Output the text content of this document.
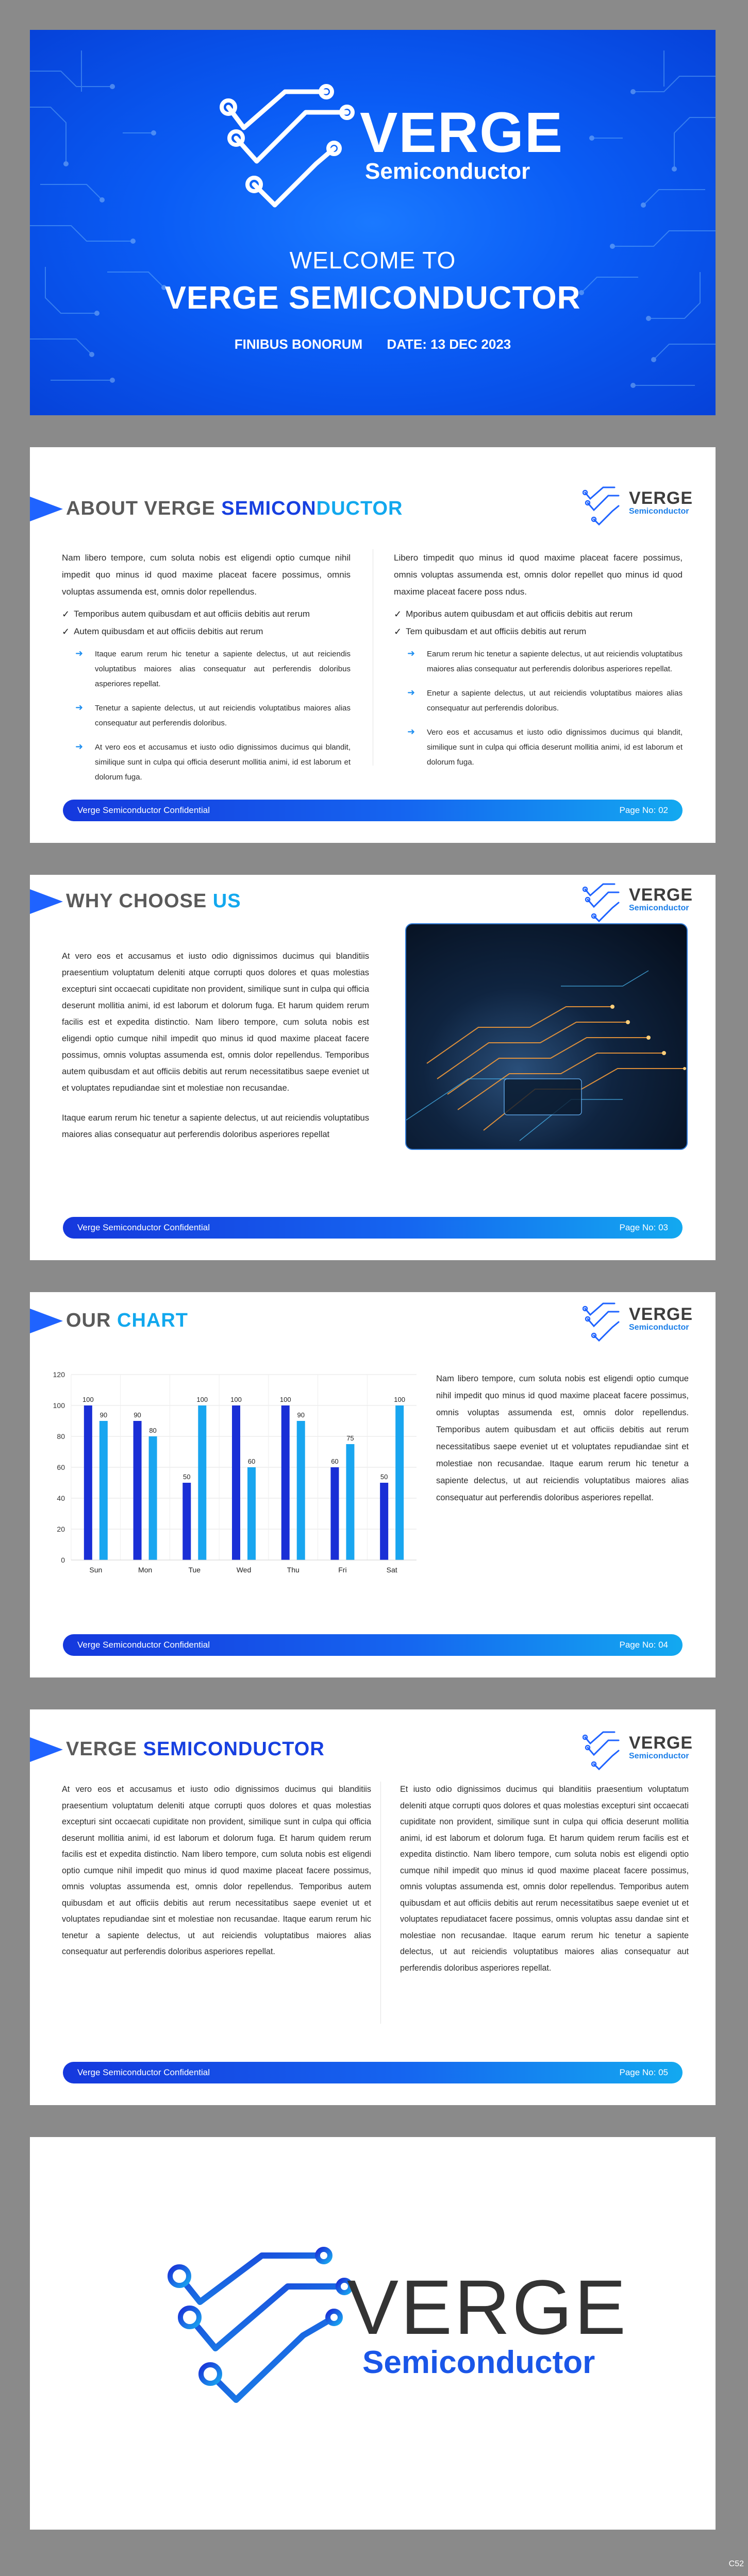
VERGE
Semiconductor
WELCOME TO
VERGE SEMICONDUCTOR
FINIBUS BONORUM DATE: 13 DEC 2023
ABOUT VERGE SEMICONDUCTOR	VERGE
Semiconductor

Nam libero tempore, cum soluta nobis est eligendi optio cumque nihil impedit quo minus id quod maxime placeat facere possimus, omnis voluptas assumenda est, omnis dolor repellendus.

✓ Temporibus autem quibusdam et aut officiis debitis aut rerum
✓ Autem quibusdam et aut officiis debitis aut rerum
➜	Itaque earum rerum hic tenetur a sapiente delectus, ut aut reiciendis voluptatibus maiores alias consequatur aut perferendis doloribus asperiores repellat.
➜	Tenetur a sapiente delectus, ut aut reiciendis voluptatibus maiores alias consequatur aut perferendis doloribus.
➜	At vero eos et accusamus et iusto odio dignissimos ducimus qui blandit, similique sunt in culpa qui officia deserunt mollitia animi, id est laborum et dolorum fuga.

Libero timpedit quo minus id quod maxime placeat facere possimus, omnis voluptas assumenda est, omnis dolor repellet quo minus id quod maxime placeat facere poss ndus.

✓ Mporibus autem quibusdam et aut officiis debitis aut rerum
✓ Tem quibusdam et aut officiis debitis aut rerum
➜	Earum rerum hic tenetur a sapiente delectus, ut aut reiciendis voluptatibus maiores alias consequatur aut perferendis doloribus asperiores repellat.
➜	Enetur a sapiente delectus, ut aut reiciendis voluptatibus maiores alias consequatur aut perferendis doloribus.
➜	Vero eos et accusamus et iusto odio dignissimos ducimus qui blandit, similique sunt in culpa qui officia deserunt mollitia animi, id est laborum et dolorum fuga.
Verge Semiconductor Confidential	Page No: 02
WHY CHOOSE US	VERGE
Semiconductor

At vero eos et accusamus et iusto odio dignissimos ducimus qui blanditiis praesentium voluptatum deleniti atque corrupti quos dolores et quas molestias excepturi sint occaecati cupiditate non provident, similique sunt in culpa qui officia deserunt mollitia animi, id est laborum et dolorum fuga. Et harum quidem rerum facilis est et expedita distinctio. Nam libero tempore, cum soluta nobis est eligendi optio cumque nihil impedit quo minus id quod maxime placeat facere possimus, omnis voluptas assumenda est, omnis dolor repellendus. Temporibus autem quibusdam et aut officiis debitis aut rerum necessitatibus saepe eveniet ut et voluptates repudiandae sint et molestiae non recusandae.

Itaque earum rerum hic tenetur a sapiente delectus, ut aut reiciendis voluptatibus maiores alias consequatur aut perferendis doloribus asperiores repellat

Verge Semiconductor Confidential	Page No: 03
OUR CHART	VERGE
Semiconductor
0
20
40
60
80
100
120
100
90
Sun
90
80
Mon
50
100
Tue
100
60
Wed
100
90
Thu
60
75
Fri
50
100
Sat

Nam libero tempore, cum soluta nobis est eligendi optio cumque nihil impedit quo minus id quod maxime placeat facere possimus, omnis voluptas assumenda est, omnis dolor repellendus. Temporibus autem quibusdam et aut officiis debitis aut rerum necessitatibus saepe eveniet ut et voluptates repudiandae sint et molestiae non recusandae. Itaque earum rerum hic tenetur a sapiente delectus, ut aut reiciendis voluptatibus maiores alias consequatur aut perferendis doloribus asperiores repellat.

Verge Semiconductor Confidential	Page No: 04
VERGE SEMICONDUCTOR	VERGE
Semiconductor

At vero eos et accusamus et iusto odio dignissimos ducimus qui blanditiis praesentium voluptatum deleniti atque corrupti quos dolores et quas molestias excepturi sint occaecati cupiditate non provident, similique sunt in culpa qui officia deserunt mollitia animi, id est laborum et dolorum fuga. Et harum quidem rerum facilis est et expedita distinctio. Nam libero tempore, cum soluta nobis est eligendi optio cumque nihil impedit quo minus id quod maxime placeat facere possimus, omnis voluptas assumenda est, omnis dolor repellendus. Temporibus autem quibusdam et aut officiis debitis aut rerum necessitatibus saepe eveniet ut et voluptates repudiandae sint et molestiae non recusandae. Itaque earum rerum hic tenetur a sapiente delectus, ut aut reiciendis voluptatibus maiores alias consequatur aut perferendis doloribus asperiores repellat.

Et iusto odio dignissimos ducimus qui blanditiis praesentium voluptatum deleniti atque corrupti quos dolores et quas molestias excepturi sint occaecati cupiditate non provident, similique sunt in culpa qui officia deserunt mollitia animi, id est laborum et dolorum fuga. Et harum quidem rerum facilis est et expedita distinctio. Nam libero tempore, cum soluta nobis est eligendi optio cumque nihil impedit quo minus id quod maxime placeat facere possimus, omnis voluptas assumenda est, omnis dolor repellendus. Temporibus autem quibusdam et aut officiis debitis aut rerum necessitatibus saepe eveniet ut et voluptates repudiatacet facere possimus, omnis voluptas assu dandae sint et molestiae non recusandae. Itaque earum rerum hic tenetur a sapiente delectus, ut aut reiciendis voluptatibus maiores alias consequatur aut perferendis doloribus asperiores repellat.

Verge Semiconductor Confidential	Page No: 05
VERGE
Semiconductor
C52
